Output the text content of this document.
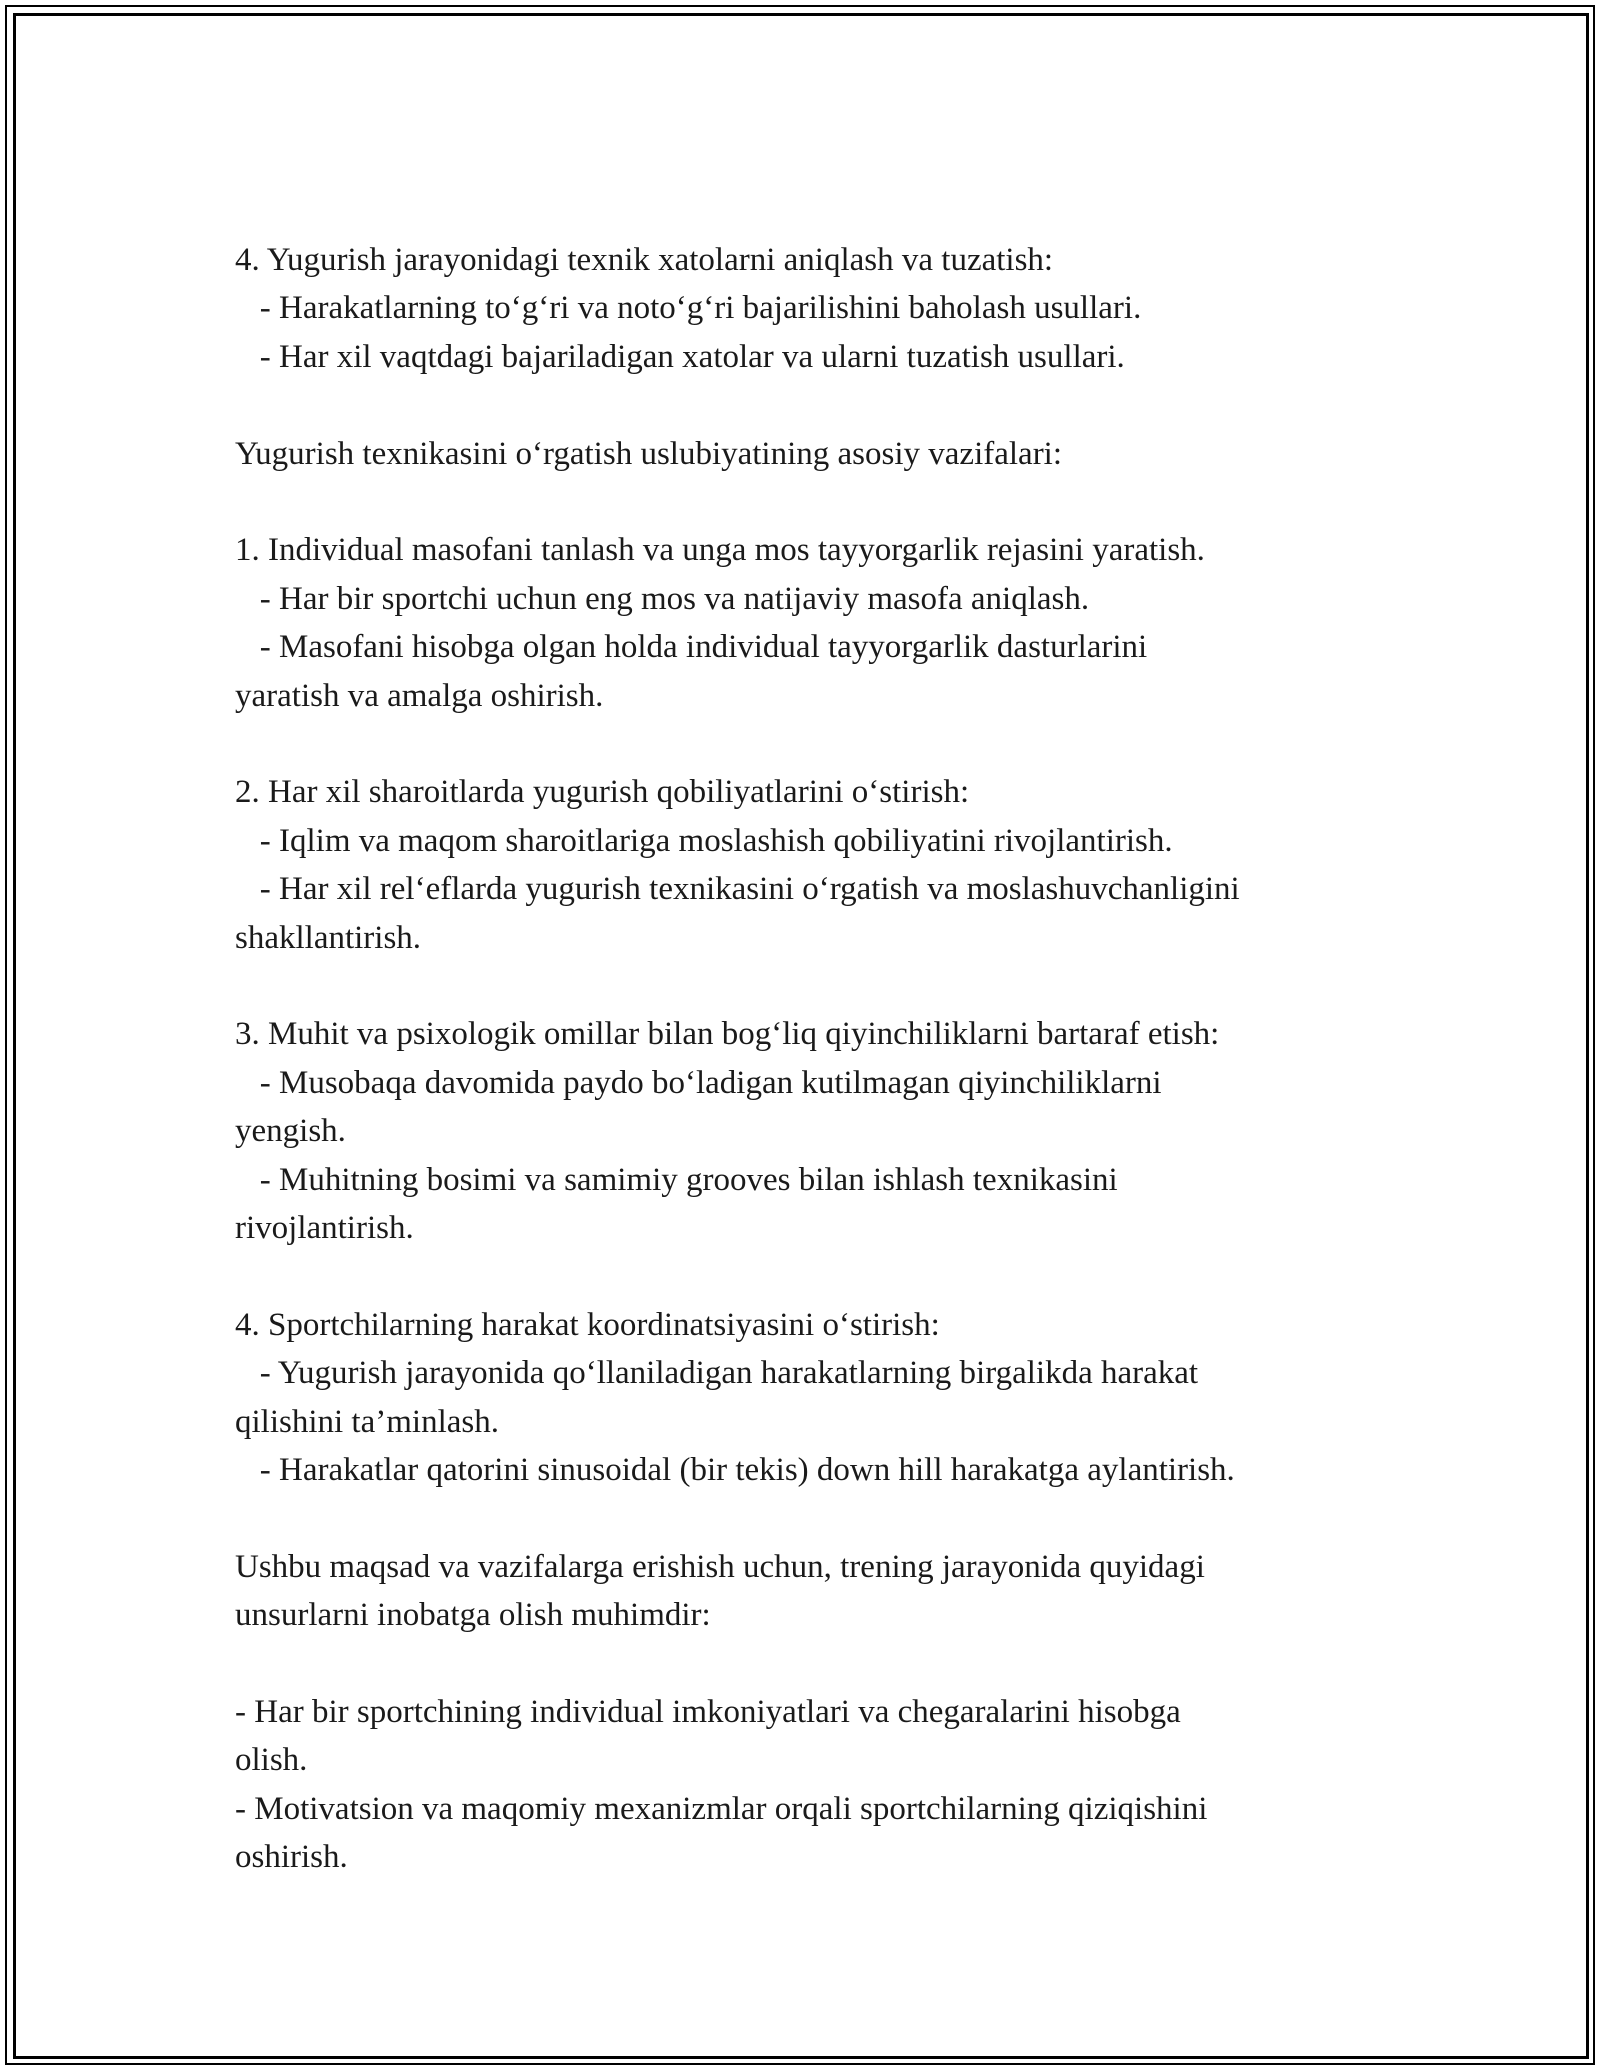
4. Yugurish jarayonidagi texnik xatolarni aniqlash va tuzatish:
- Harakatlarning to‘g‘ri va noto‘g‘ri bajarilishini baholash usullari.
- Har xil vaqtdagi bajariladigan xatolar va ularni tuzatish usullari.
Yugurish texnikasini o‘rgatish uslubiyatining asosiy vazifalari:
1. Individual masofani tanlash va unga mos tayyorgarlik rejasini yaratish.
- Har bir sportchi uchun eng mos va natijaviy masofa aniqlash.
- Masofani hisobga olgan holda individual tayyorgarlik dasturlarini
yaratish va amalga oshirish.
2. Har xil sharoitlarda yugurish qobiliyatlarini o‘stirish:
- Iqlim va maqom sharoitlariga moslashish qobiliyatini rivojlantirish.
- Har xil rel‘eflarda yugurish texnikasini o‘rgatish va moslashuvchanligini
shakllantirish.
3. Muhit va psixologik omillar bilan bog‘liq qiyinchiliklarni bartaraf etish:
- Musobaqa davomida paydo bo‘ladigan kutilmagan qiyinchiliklarni
yengish.
- Muhitning bosimi va samimiy grooves bilan ishlash texnikasini
rivojlantirish.
4. Sportchilarning harakat koordinatsiyasini o‘stirish:
- Yugurish jarayonida qo‘llaniladigan harakatlarning birgalikda harakat
qilishini ta’minlash.
- Harakatlar qatorini sinusoidal (bir tekis) down hill harakatga aylantirish.
Ushbu maqsad va vazifalarga erishish uchun, trening jarayonida quyidagi
unsurlarni inobatga olish muhimdir:
- Har bir sportchining individual imkoniyatlari va chegaralarini hisobga
olish.
- Motivatsion va maqomiy mexanizmlar orqali sportchilarning qiziqishini
oshirish.
